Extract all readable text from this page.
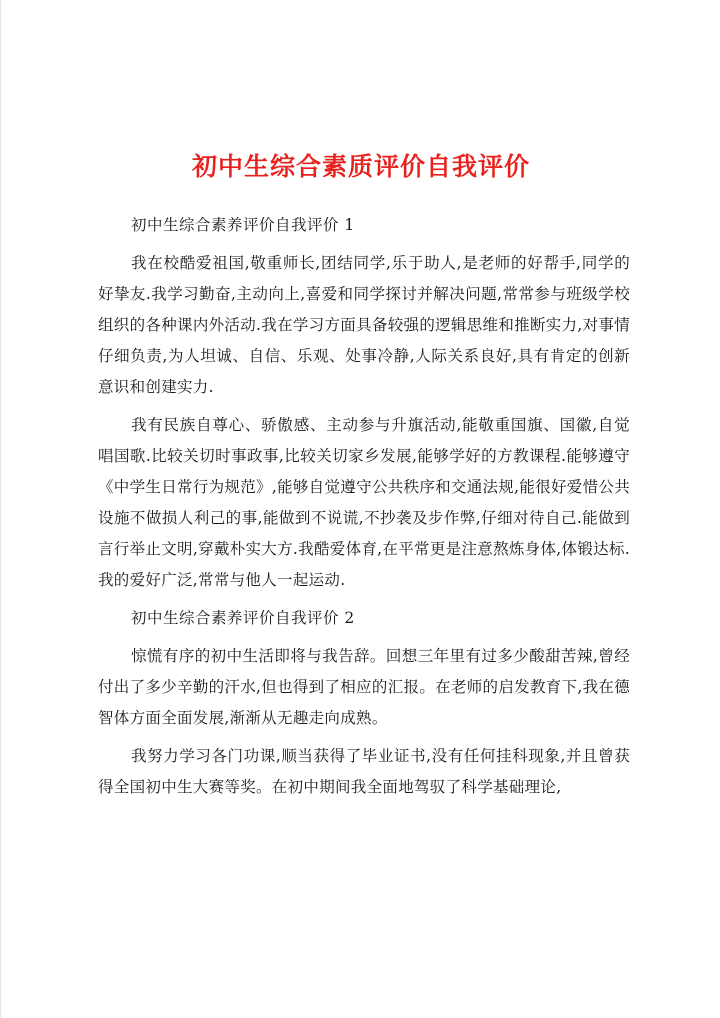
初中生综合素质评价自我评价

初中生综合素养评价自我评价 1

我在校酷爱祖国,敬重师长,团结同学,乐于助人,是老师的好帮手,同学的好挚友.我学习勤奋,主动向上,喜爱和同学探讨并解决问题,常常参与班级学校组织的各种课内外活动.我在学习方面具备较强的逻辑思维和推断实力,对事情仔细负责,为人坦诚、自信、乐观、处事冷静,人际关系良好,具有肯定的创新意识和创建实力.

我有民族自尊心、骄傲感、主动参与升旗活动,能敬重国旗、国徽,自觉唱国歌.比较关切时事政事,比较关切家乡发展,能够学好的方教课程.能够遵守《中学生日常行为规范》,能够自觉遵守公共秩序和交通法规,能很好爱惜公共设施不做损人利己的事,能做到不说谎,不抄袭及步作弊,仔细对待自己.能做到言行举止文明,穿戴朴实大方.我酷爱体育,在平常更是注意熬炼身体,体锻达标.我的爱好广泛,常常与他人一起运动.

初中生综合素养评价自我评价 2

惊慌有序的初中生活即将与我告辞。回想三年里有过多少酸甜苦辣,曾经付出了多少辛勤的汗水,但也得到了相应的汇报。在老师的启发教育下,我在德智体方面全面发展,渐渐从无趣走向成熟。

我努力学习各门功课,顺当获得了毕业证书,没有任何挂科现象,并且曾获得全国初中生大赛等奖。在初中期间我全面地驾驭了科学基础理论,
